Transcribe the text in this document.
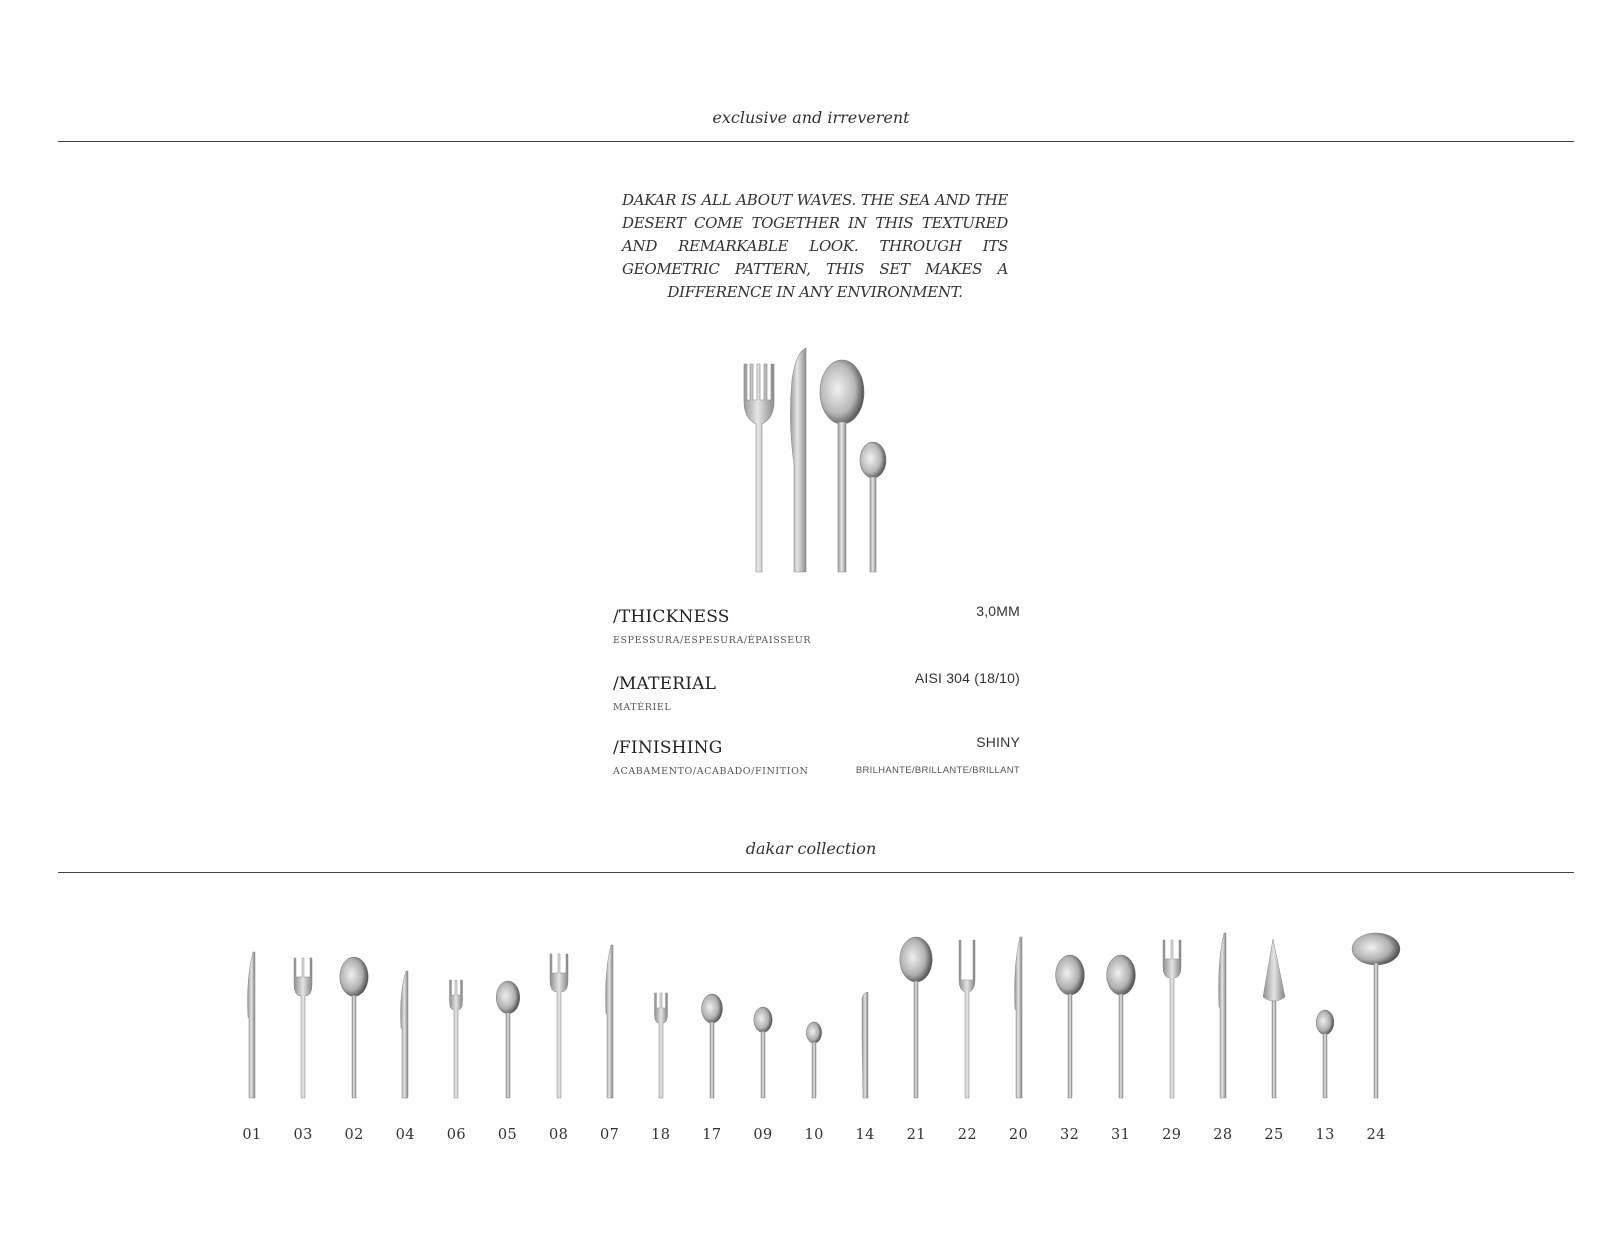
exclusive and irreverent
DAKAR IS ALL ABOUT WAVES. THE SEA AND THE DESERT COME TOGETHER IN THIS TEXTURED AND REMARKABLE LOOK. THROUGH ITS GEOMETRIC PATTERN, THIS SET MAKES A DIFFERENCE IN ANY ENVIRONMENT.
/THICKNESS
ESPESSURA/ESPESURA/ÉPAISSEUR
3,0MM
/MATERIAL
MATÉRIEL
AISI 304 (18/10)
/FINISHING
ACABAMENTO/ACABADO/FINITION
SHINY
BRILHANTE/BRILLANTE/BRILLANT
dakar collection
01	03	02	04	06	05	08	07	18	17	09	10	14	21	22	20	32	31	29	28	25	13	24
